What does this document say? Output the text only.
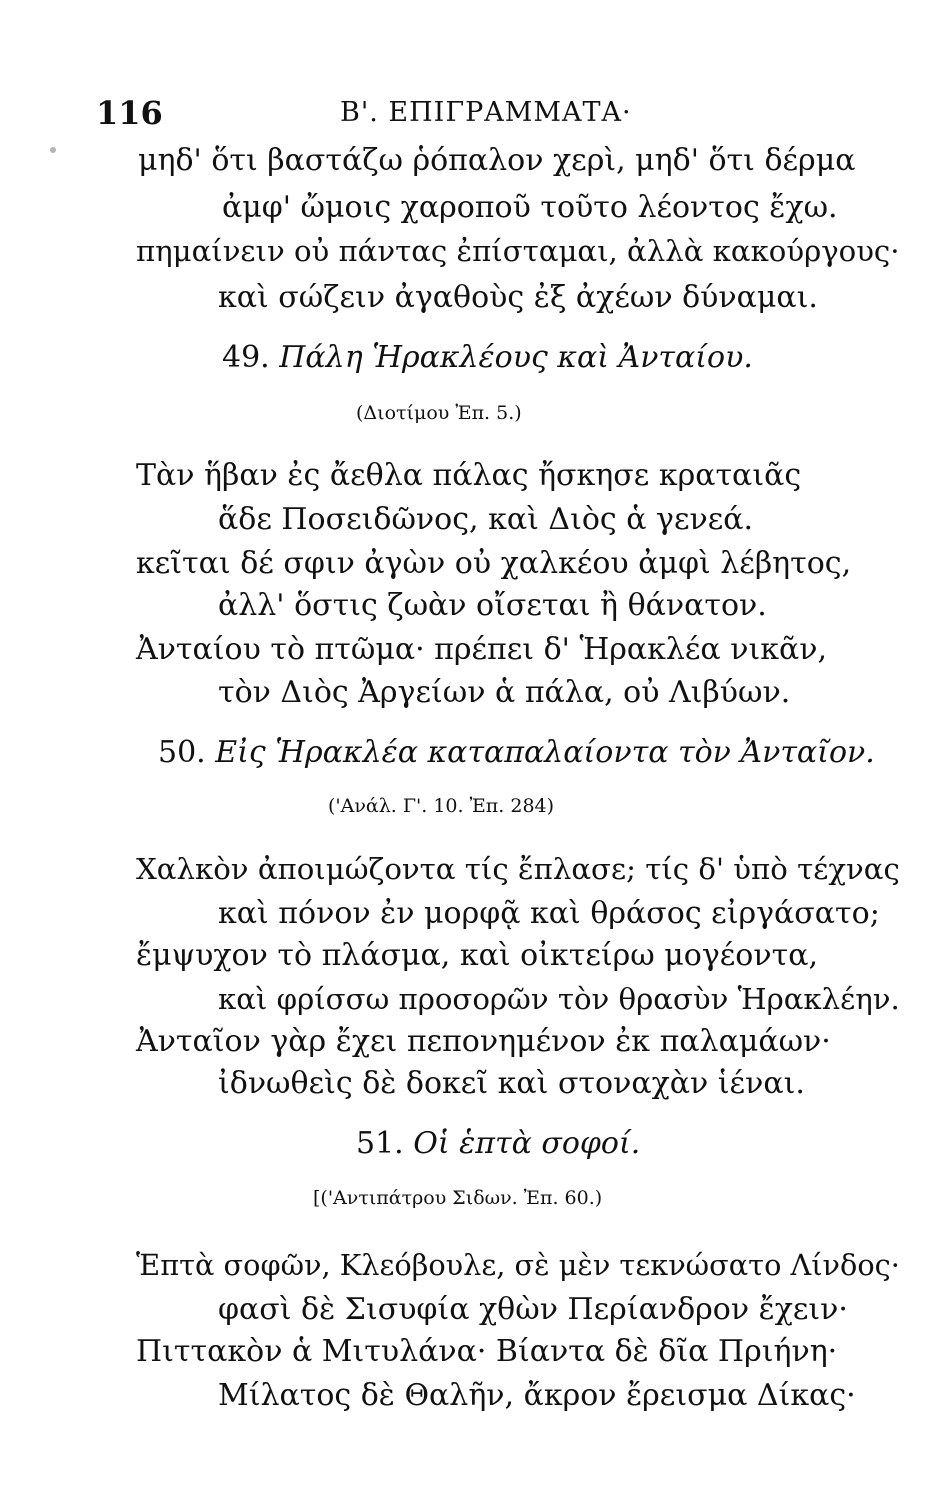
116	Β'. ΕΠΙΓΡΑΜΜΑΤΑ·
μηδ' ὅτι βαστάζω ῥόπαλον χερὶ, μηδ' ὅτι δέρμα
ἀμφ' ὤμοις χαροποῦ τοῦτο λέοντος ἔχω.
πημαίνειν οὐ πάντας ἐπίσταμαι, ἀλλὰ κακούργους·
καὶ σώζειν ἀγαθοὺς ἐξ ἀχέων δύναμαι.
49. Πάλη Ἡρακλέους καὶ Ἀνταίου.
(Διοτίμου Ἐπ. 5.)
Τὰν ἥβαν ἐς ἄεθλα πάλας ἤσκησε κραταιᾶς
ἅδε Ποσειδῶνος, καὶ Διὸς ἁ γενεά.
κεῖται δέ σφιν ἀγὼν οὐ χαλκέου ἀμφὶ λέβητος,
ἀλλ' ὅστις ζωὰν οἴσεται ἢ θάνατον.
Ἀνταίου τὸ πτῶμα· πρέπει δ' Ἡρακλέα νικᾶν,
τὸν Διὸς Ἀργείων ἁ πάλα, οὐ Λιβύων.
50. Εἰς Ἡρακλέα καταπαλαίοντα τὸν Ἀνταῖον.
('Ανάλ. Γ'. 10. Ἐπ. 284)
Χαλκὸν ἀποιμώζοντα τίς ἔπλασε; τίς δ' ὑπὸ τέχνας
καὶ πόνον ἐν μορφᾷ καὶ θράσος εἰργάσατο;
ἔμψυχον τὸ πλάσμα, καὶ οἰκτείρω μογέοντα,
καὶ φρίσσω προσορῶν τὸν θρασὺν Ἡρακλέην.
Ἀνταῖον γὰρ ἔχει πεπονημένον ἐκ παλαμάων·
ἰδνωθεὶς δὲ δοκεῖ καὶ στοναχὰν ἱέναι.
51. Οἱ ἑπτὰ σοφοί.
[('Αντιπάτρου Σιδων. Ἐπ. 60.)
Ἑπτὰ σοφῶν, Κλεόβουλε, σὲ μὲν τεκνώσατο Λίνδος·
φασὶ δὲ Σισυφία χθὼν Περίανδρον ἔχειν·
Πιττακὸν ἁ Μιτυλάνα· Βίαντα δὲ δῖα Πριήνη·
Μίλατος δὲ Θαλῆν, ἄκρον ἔρεισμα Δίκας·
